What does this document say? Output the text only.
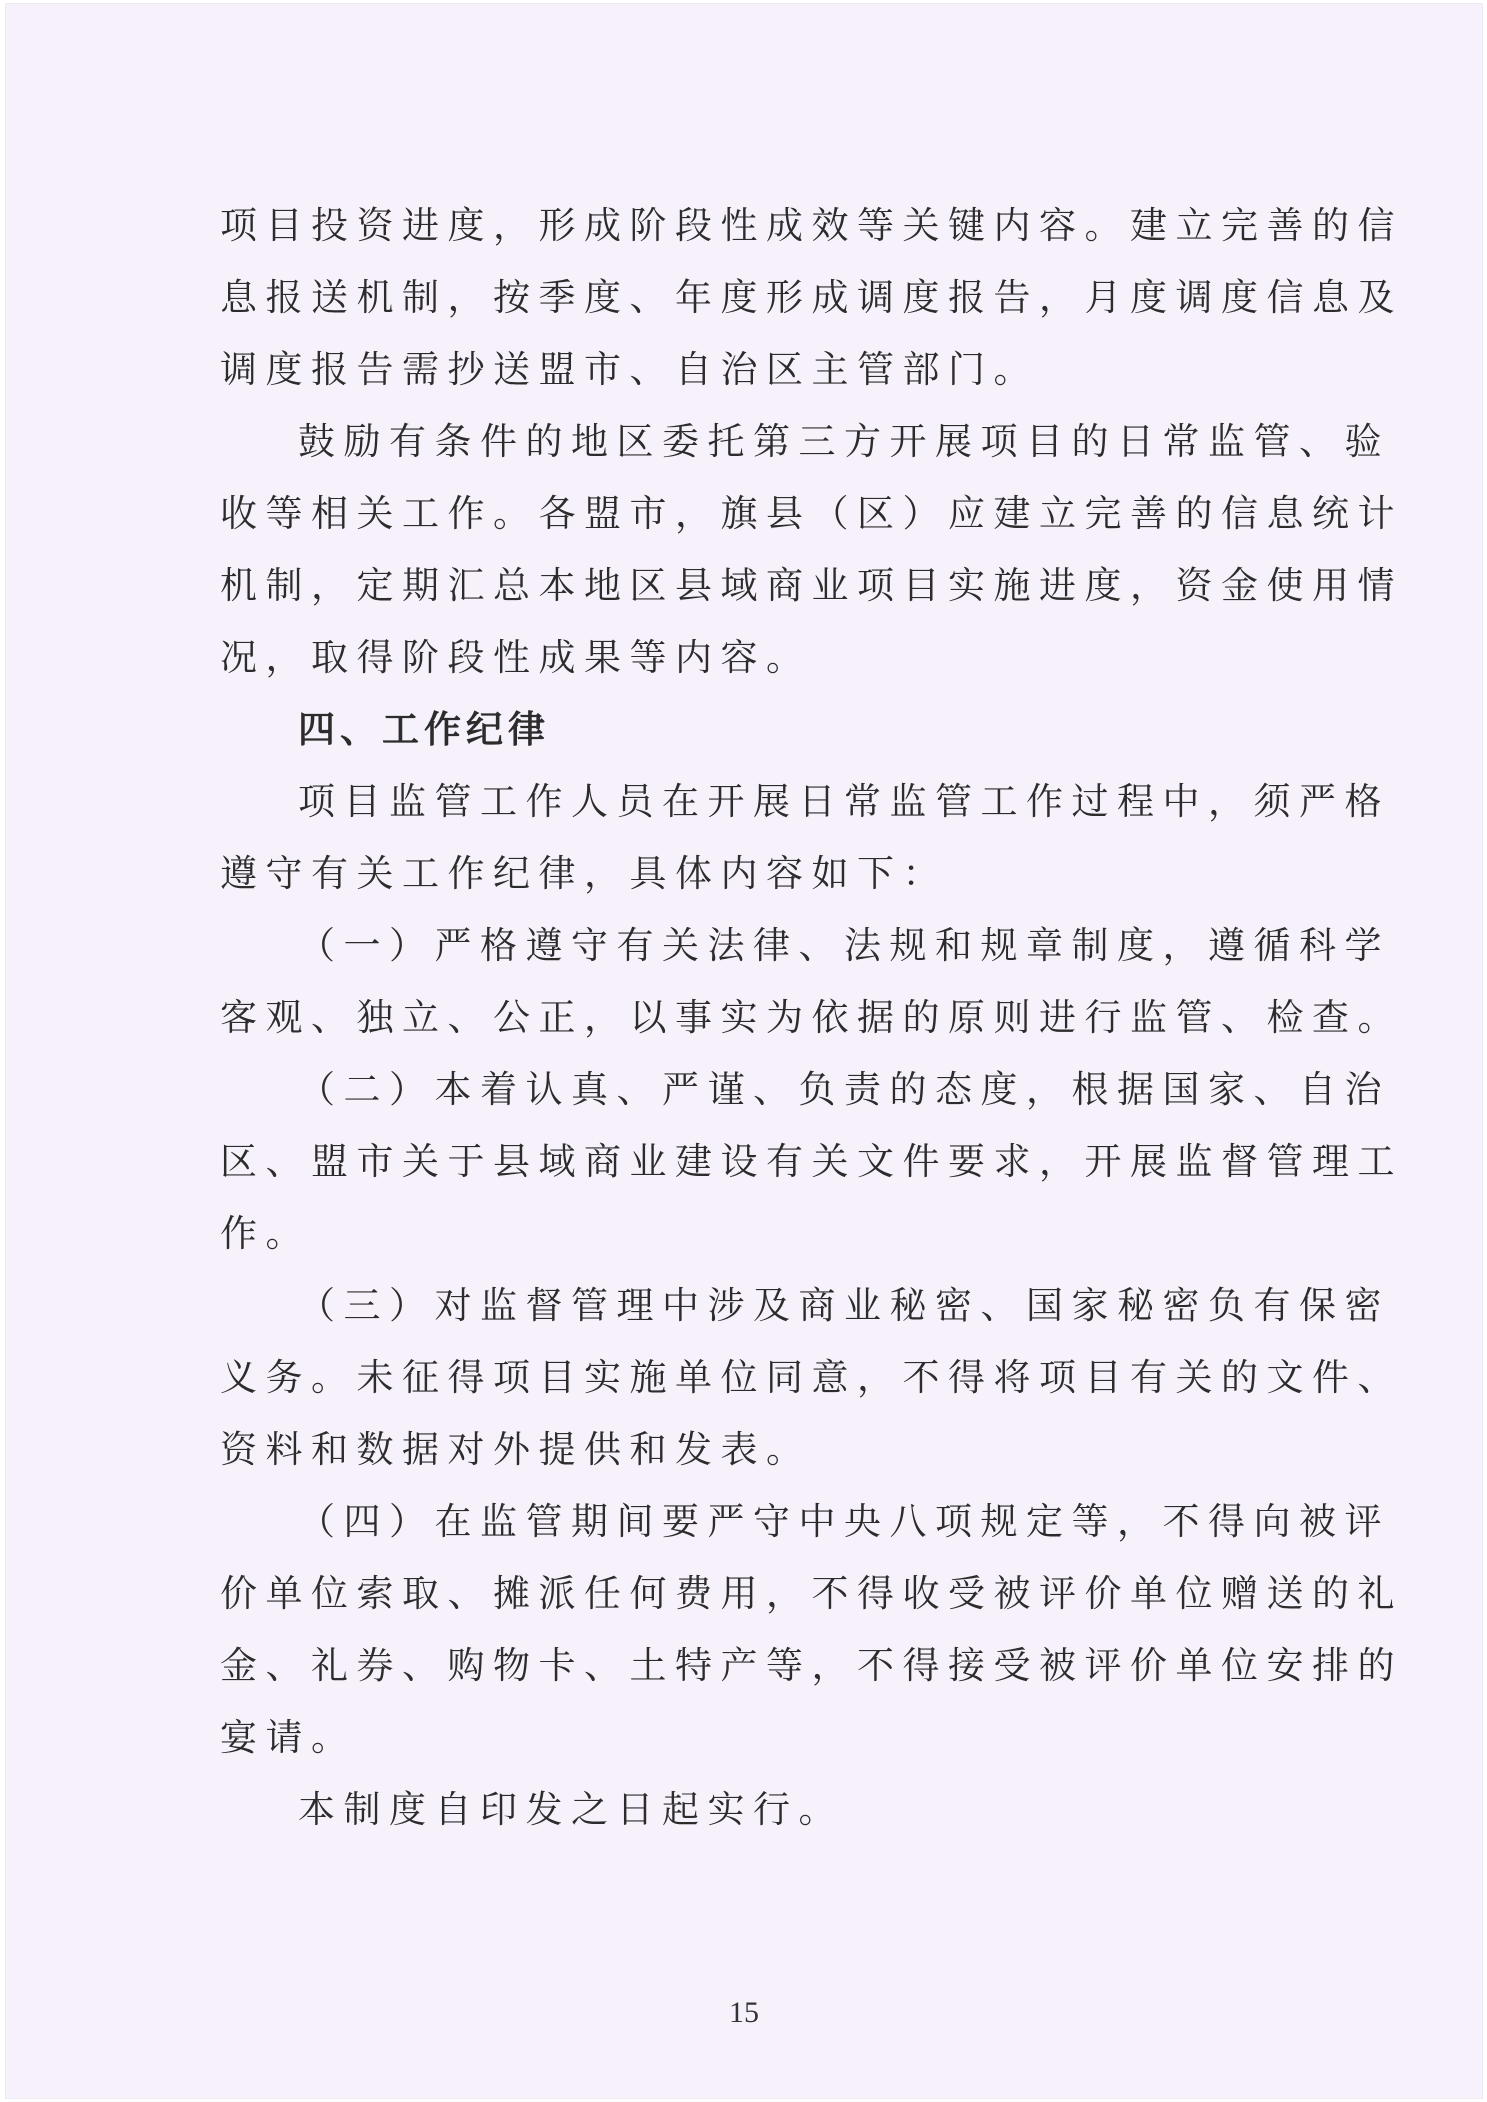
项目投资进度，形成阶段性成效等关键内容。建立完善的信

息报送机制，按季度、年度形成调度报告，月度调度信息及

调度报告需抄送盟市、自治区主管部门。

鼓励有条件的地区委托第三方开展项目的日常监管、验

收等相关工作。各盟市，旗县（区）应建立完善的信息统计

机制，定期汇总本地区县域商业项目实施进度，资金使用情

况，取得阶段性成果等内容。

四、工作纪律

项目监管工作人员在开展日常监管工作过程中，须严格

遵守有关工作纪律，具体内容如下：

（一）严格遵守有关法律、法规和规章制度，遵循科学

客观、独立、公正，以事实为依据的原则进行监管、检查。

（二）本着认真、严谨、负责的态度，根据国家、自治

区、盟市关于县域商业建设有关文件要求，开展监督管理工

作。

（三）对监督管理中涉及商业秘密、国家秘密负有保密

义务。未征得项目实施单位同意，不得将项目有关的文件、

资料和数据对外提供和发表。

（四）在监管期间要严守中央八项规定等，不得向被评

价单位索取、摊派任何费用，不得收受被评价单位赠送的礼

金、礼券、购物卡、土特产等，不得接受被评价单位安排的

宴请。

本制度自印发之日起实行。

15
